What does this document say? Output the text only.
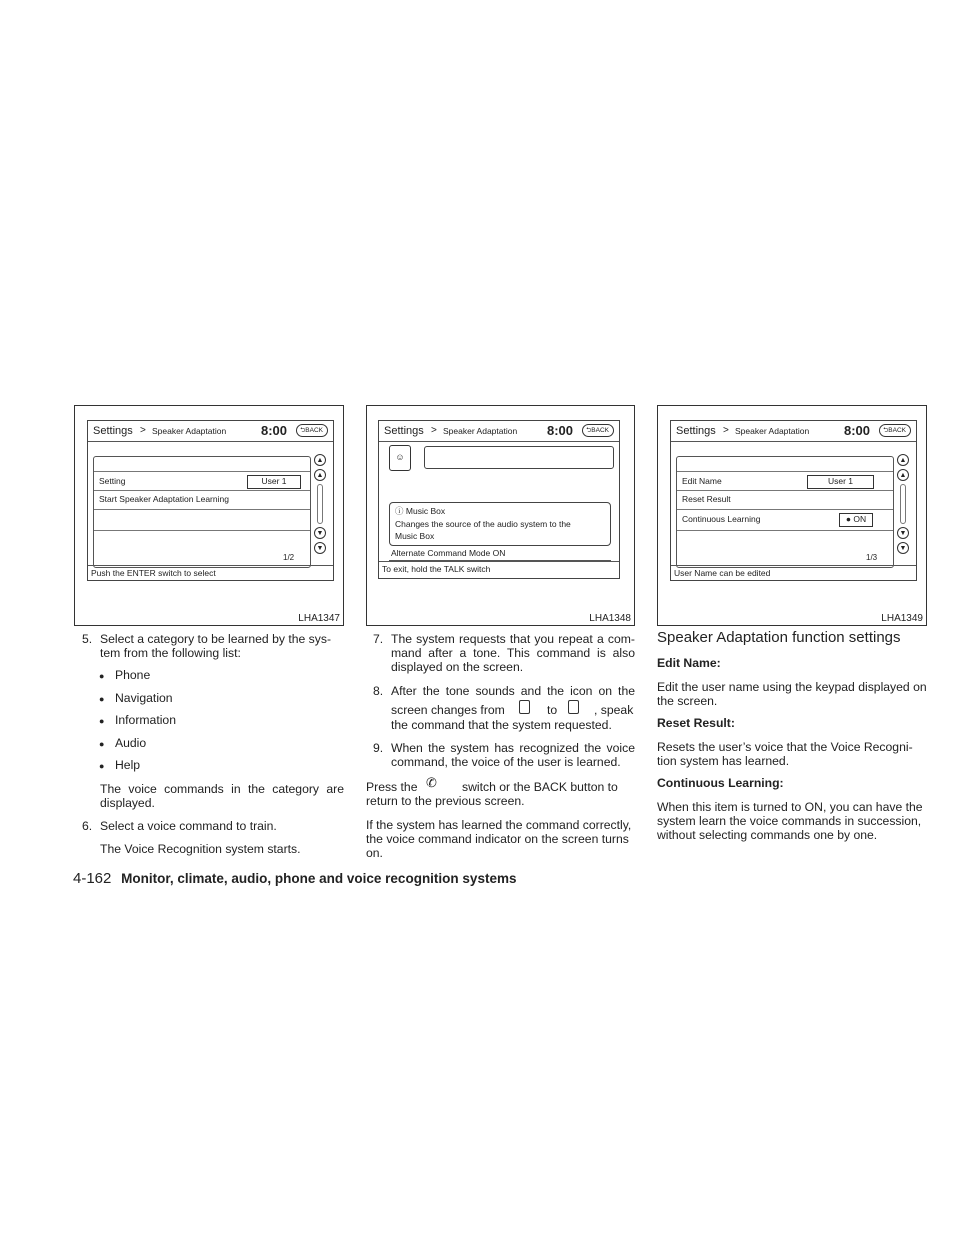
Settings > Speaker Adaptation	8:00	⮌BACK
Setting	User 1
Start Speaker Adaptation Learning
1/2
▲
▲
▼
▼
Push the ENTER switch to select
LHA1347
Settings > Speaker Adaptation 8:00	⮌BACK
☺
ⓘ Music Box
Changes the source of the audio system to the
Music Box
Alternate Command Mode ON
To exit, hold the TALK switch
LHA1348
Settings > Speaker Adaptation	8:00	⮌BACK
Edit Name	User 1
Reset Result
Continuous Learning	● ON
1/3
▲
▲
▼
▼
User Name can be edited
LHA1349
5. Select a category to be learned by the sys-
tem from the following list:
● Phone
● Navigation
● Information
● Audio
● Help
The voice commands in the category are
displayed.
6. Select a voice command to train.
The Voice Recognition system starts.
7. The system requests that you repeat a com-
mand after a tone. This command is also
displayed on the screen.
8. After the tone sounds and the icon on the
screen changes from	to	, speak
the command that the system requested.
9. When the system has recognized the voice
command, the voice of the user is learned.
Press the ✆ switch or the BACK button to
return to the previous screen.
If the system has learned the command correctly,
the voice command indicator on the screen turns
on.
Speaker Adaptation function settings
Edit Name:
Edit the user name using the keypad displayed on
the screen.
Reset Result:
Resets the user’s voice that the Voice Recogni-
tion system has learned.
Continuous Learning:
When this item is turned to ON, you can have the
system learn the voice commands in succession,
without selecting commands one by one.
4-162 Monitor, climate, audio, phone and voice recognition systems
